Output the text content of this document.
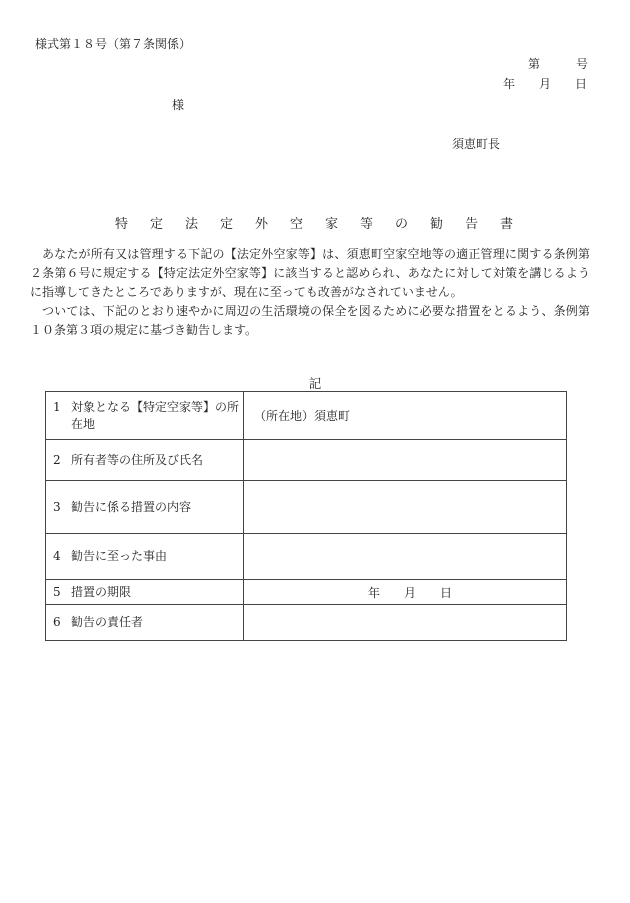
様式第１８号（第７条関係）
第	号
年 月 日
様
須恵町長
特定法定外空家等の勧告書

あなたが所有又は管理する下記の【法定外空家等】は、須恵町空家空地等の適正管理に関する条例第２条第６号に規定する【特定法定外空家等】に該当すると認められ、あなたに対して対策を講じるように指導してきたところでありますが、現在に至っても改善がなされていません。

ついては、下記のとおり速やかに周辺の生活環境の保全を図るために必要な措置をとるよう、条例第１０条第３項の規定に基づき勧告します。

記
1 対象となる【特定空家等】の所在地	（所在地）須恵町

2 所有者等の住所及び氏名	

3 勧告に係る措置の内容	

4 勧告に至った事由	

5 措置の期限	年 月 日

6 勧告の責任者	
